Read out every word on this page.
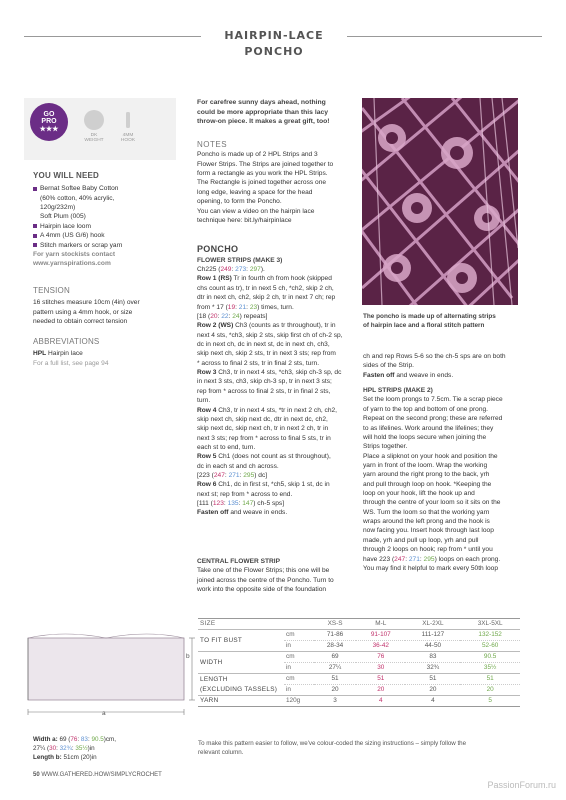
HAIRPIN-LACE PONCHO
GO
PRO
★★★
DK
WEIGHT
4MM
HOOK
YOU WILL NEED
Bernat Softee Baby Cotton
(60% cotton, 40% acrylic,
120g/232m)
Soft Plum (005)
Hairpin lace loom
A 4mm (US G/6) hook
Stitch markers or scrap yarn
For yarn stockists contact
www.yarnspirations.com
TENSION
16 stitches measure 10cm (4in) over
pattern using a 4mm hook, or size
needed to obtain correct tension
ABBREVIATIONS
HPL Hairpin lace
For a full list, see page 94
For carefree sunny days ahead, nothing
could be more appropriate than this lacy
throw-on piece. It makes a great gift, too!
NOTES
Poncho is made up of 2 HPL Strips and 3
Flower Strips. The Strips are joined together to
form a rectangle as you work the HPL Strips.
The Rectangle is joined together across one
long edge, leaving a space for the head
opening, to form the Poncho.
You can view a video on the hairpin lace
technique here: bit.ly/hairpinlace
PONCHO
FLOWER STRIPS (MAKE 3)
Ch225 (249: 273: 297).
Row 1 (RS) Tr in fourth ch from hook (skipped
chs count as tr), tr in next 5 ch, *ch2, skip 2 ch,
dtr in next ch, ch2, skip 2 ch, tr in next 7 ch; rep
from * 17 (19: 21: 23) times, turn.
[18 (20: 22: 24) repeats]
Row 2 (WS) Ch3 (counts as tr throughout), tr in
next 4 sts, *ch3, skip 2 sts, skip first ch of ch-2 sp,
dc in next ch, dc in next st, dc in next ch, ch3,
skip next ch, skip 2 sts, tr in next 3 sts; rep from
* across to final 2 sts, tr in final 2 sts, turn.
Row 3 Ch3, tr in next 4 sts, *ch3, skip ch-3 sp, dc
in next 3 sts, ch3, skip ch-3 sp, tr in next 3 sts;
rep from * across to final 2 sts, tr in final 2 sts,
turn.
Row 4 Ch3, tr in next 4 sts, *tr in next 2 ch, ch2,
skip next ch, skip next dc, dtr in next dc, ch2,
skip next dc, skip next ch, tr in next 2 ch, tr in
next 3 sts; rep from * across to final 5 sts, tr in
each st to end, turn.
Row 5 Ch1 (does not count as st throughout),
dc in each st and ch across.
[223 (247: 271: 295) dc]
Row 6 Ch1, dc in first st, *ch5, skip 1 st, dc in
next st; rep from * across to end.
[111 (123: 135: 147) ch-5 sps]
Fasten off and weave in ends.
CENTRAL FLOWER STRIP
Take one of the Flower Strips; this one will be
joined across the centre of the Poncho. Turn to
work into the opposite side of the foundation
The poncho is made up of alternating strips
of hairpin lace and a floral stitch pattern
ch and rep Rows 5-6 so the ch-5 sps are on both
sides of the Strip.
Fasten off and weave in ends.
HPL STRIPS (MAKE 2)
Set the loom prongs to 7.5cm. Tie a scrap piece
of yarn to the top and bottom of one prong.
Repeat on the second prong; these are referred
to as lifelines. Work around the lifelines; they
will hold the loops secure when joining the
Strips together.
Place a slipknot on your hook and position the
yarn in front of the loom. Wrap the working
yarn around the right prong to the back, yrh
and pull through loop on hook. *Keeping the
loop on your hook, lift the hook up and
through the centre of your loom so it sits on the
WS. Turn the loom so that the working yarn
wraps around the left prong and the hook is
now facing you. Insert hook through last loop
made, yrh and pull up loop, yrh and pull
through 2 loops on hook; rep from * until you
have 223 (247: 271: 295) loops on each prong.
You may find it helpful to mark every 50th loop
a
b
Width a: 69 (76: 83: 90.5)cm,
27¼ (30: 32¾: 35½)in
Length b: 51cm (20)in
SIZE		XS-S	M-L	XL-2XL	3XL-5XL
TO FIT BUST	cm	71-86	91-107	111-127	132-152
	in	28-34	36-42	44-50	52-60
WIDTH	cm	69	76	83	90.5
	in	27¼	30	32¾	35½

LENGTH
(EXCLUDING TASSELS)	cm	51	51	51	51
	in	20	20	20	20
YARN	120g	3	4	4	5
To make this pattern easier to follow, we've colour-coded the sizing instructions – simply follow the
relevant column.
50 WWW.GATHERED.HOW/SIMPLYCROCHET
PassionForum.ru
